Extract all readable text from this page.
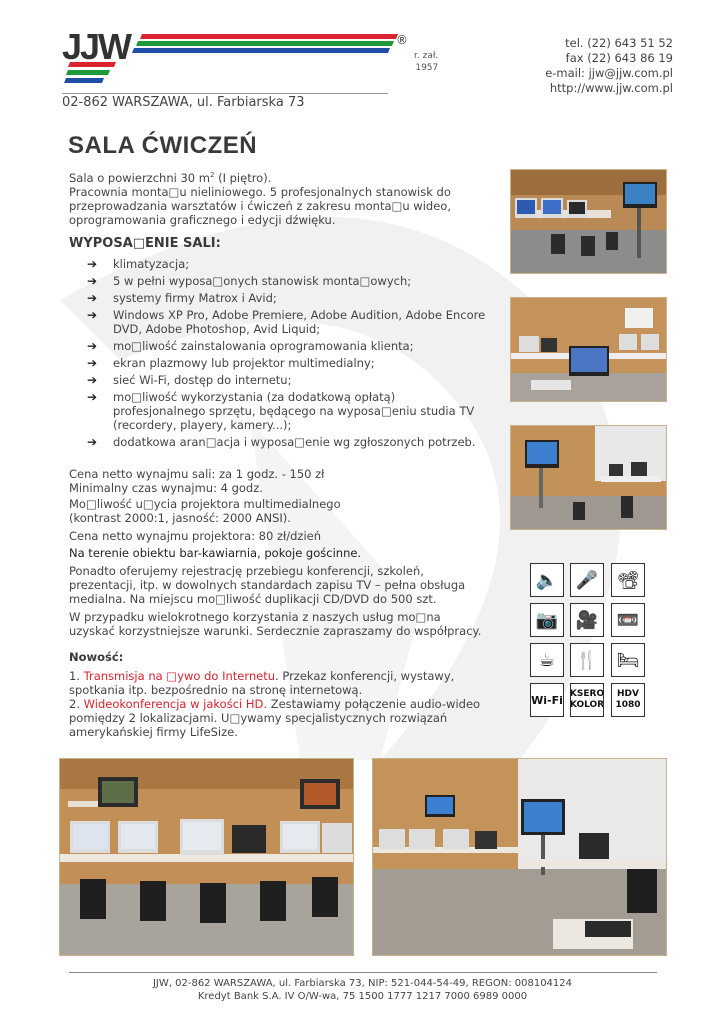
JJW	®
r. zał.
1957
tel. (22) 643 51 52
fax (22) 643 86 19
e-mail: jjw@jjw.com.pl
http://www.jjw.com.pl
02-862 WARSZAWA, ul. Farbiarska 73
SALA ĆWICZEŃ
Sala o powierzchni 30 $m^2$ (I piętro).
Pracownia monta□u nieliniowego. 5 profesjonalnych stanowisk do przeprowadzania warsztatów i ćwiczeń z zakresu monta□u wideo, oprogramowania graficznego i edycji dźwięku.
WYPOSA□ENIE SALI:
➔ klimatyzacja;
➔ 5 w pełni wyposa□onych stanowisk monta□owych;
➔ systemy firmy Matrox i Avid;
➔ Windows XP Pro, Adobe Premiere, Adobe Audition, Adobe Encore DVD, Adobe Photoshop, Avid Liquid;
➔ mo□liwość zainstalowania oprogramowania klienta;
➔ ekran plazmowy lub projektor multimedialny;
➔ sieć Wi-Fi, dostęp do internetu;
➔ mo□liwość wykorzystania (za dodatkową opłatą) profesjonalnego sprzętu, będącego na wyposa□eniu studia TV (recordery, playery, kamery...);
➔ dodatkowa aran□acja i wyposa□enie wg zgłoszonych potrzeb.
Cena netto wynajmu sali: za 1 godz. - 150 zł
Minimalny czas wynajmu: 4 godz.
Mo□liwość u□ycia projektora multimedialnego
(kontrast 2000:1, jasność: 2000 ANSI).
Cena netto wynajmu projektora: 80 zł/dzień
Na terenie obiektu bar-kawiarnia, pokoje gościnne.
Ponadto oferujemy rejestrację przebiegu konferencji, szkoleń, prezentacji, itp. w dowolnych standardach zapisu TV – pełna obsługa medialna. Na miejscu mo□liwość duplikacji CD/DVD do 500 szt.
W przypadku wielokrotnego korzystania z naszych usług mo□na uzyskać korzystniejsze warunki. Serdecznie zapraszamy do współpracy.
Nowość:
1. Transmisja na □ywo do Internetu. Przekaz konferencji, wystawy, spotkania itp. bezpośrednio na stronę internetową.
2. Wideokonferencja w jakości HD. Zestawiamy połączenie audio-wideo pomiędzy 2 lokalizacjami. U□ywamy specjalistycznych rozwiązań amerykańskiej firmy LifeSize.
🔈 🎤	📽
📷 🎥	📼
☕	🍴	🛏
Wi-Fi KSERO
KOLOR
HDV
1080
JJW, 02-862 WARSZAWA, ul. Farbiarska 73, NIP: 521-044-54-49, REGON: 008104124
Kredyt Bank S.A. IV O/W-wa, 75 1500 1777 1217 7000 6989 0000
